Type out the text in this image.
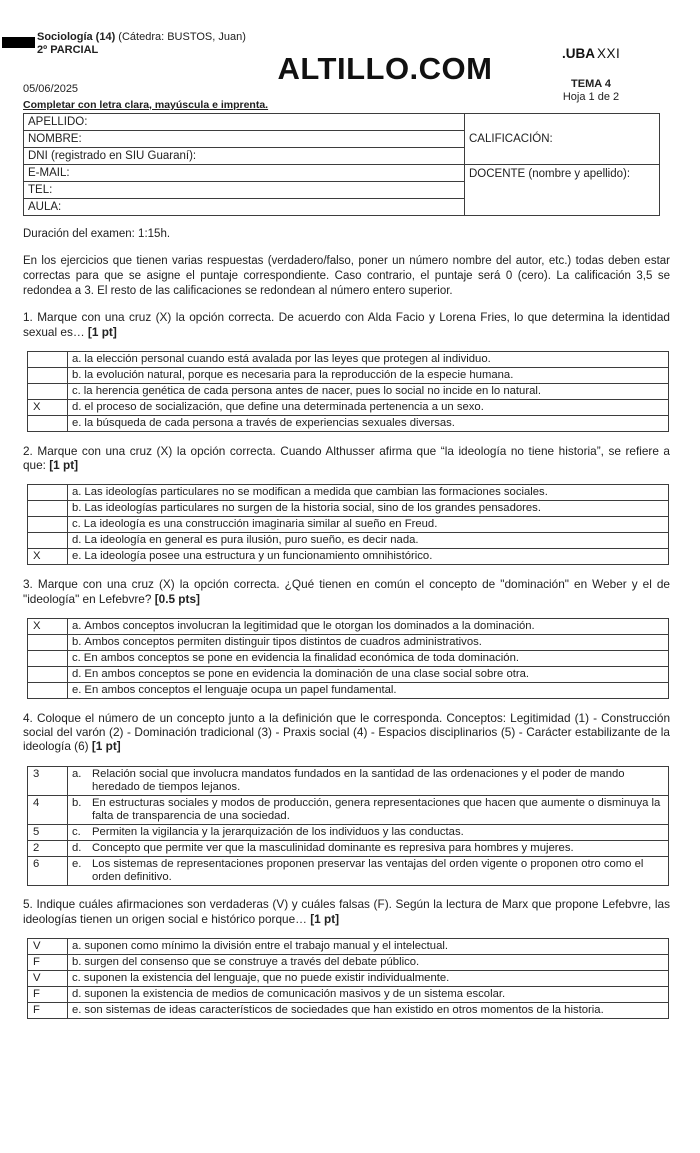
Sociología (14) (Cátedra: BUSTOS, Juan)
2º PARCIAL
ALTILLO.COM	.UBA XXI
05/06/2025	TEMA 4
Hoja 1 de 2
Completar con letra clara, mayúscula e imprenta.
APELLIDO:	CALIFICACIÓN:
NOMBRE:	
DNI (registrado en SIU Guaraní):	
E-MAIL:	DOCENTE (nombre y apellido):
TEL:	
AULA:	

Duración del examen: 1:15h.

En los ejercicios que tienen varias respuestas (verdadero/falso, poner un número nombre del autor, etc.) todas deben estar correctas para que se asigne el puntaje correspondiente. Caso contrario, el puntaje será 0 (cero). La calificación 3,5 se redondea a 3. El resto de las calificaciones se redondean al número entero superior.

1. Marque con una cruz (X) la opción correcta. De acuerdo con Alda Facio y Lorena Fries, lo que determina la identidad sexual es… [1 pt]

	a. la elección personal cuando está avalada por las leyes que protegen al individuo.
	b. la evolución natural, porque es necesaria para la reproducción de la especie humana.
	c. la herencia genética de cada persona antes de nacer, pues lo social no incide en lo natural.
X	d. el proceso de socialización, que define una determinada pertenencia a un sexo.
	e. la búsqueda de cada persona a través de experiencias sexuales diversas.

2. Marque con una cruz (X) la opción correcta. Cuando Althusser afirma que “la ideología no tiene historia”, se refiere a que: [1 pt]

	a. Las ideologías particulares no se modifican a medida que cambian las formaciones sociales.
	b. Las ideologías particulares no surgen de la historia social, sino de los grandes pensadores.
	c. La ideología es una construcción imaginaria similar al sueño en Freud.
	d. La ideología en general es pura ilusión, puro sueño, es decir nada.
X	e. La ideología posee una estructura y un funcionamiento omnihistórico.

3. Marque con una cruz (X) la opción correcta. ¿Qué tienen en común el concepto de "dominación" en Weber y el de "ideología" en Lefebvre? [0.5 pts]

X	a. Ambos conceptos involucran la legitimidad que le otorgan los dominados a la dominación.
	b. Ambos conceptos permiten distinguir tipos distintos de cuadros administrativos.
	c. En ambos conceptos se pone en evidencia la finalidad económica de toda dominación.
	d. En ambos conceptos se pone en evidencia la dominación de una clase social sobre otra.
	e. En ambos conceptos el lenguaje ocupa un papel fundamental.

4. Coloque el número de un concepto junto a la definición que le corresponda. Conceptos: Legitimidad (1) - Construcción social del varón (2) - Dominación tradicional (3) - Praxis social (4) - Espacios disciplinarios (5) - Carácter estabilizante de la ideología (6) [1 pt]

3	a. Relación social que involucra mandatos fundados en la santidad de las ordenaciones y el poder de mando heredado de tiempos lejanos.
4	b. En estructuras sociales y modos de producción, genera representaciones que hacen que aumente o disminuya la falta de transparencia de una sociedad.
5	c. Permiten la vigilancia y la jerarquización de los individuos y las conductas.
2	d. Concepto que permite ver que la masculinidad dominante es represiva para hombres y mujeres.
6	e. Los sistemas de representaciones proponen preservar las ventajas del orden vigente o proponen otro como el orden definitivo.

5. Indique cuáles afirmaciones son verdaderas (V) y cuáles falsas (F). Según la lectura de Marx que propone Lefebvre, las ideologías tienen un origen social e histórico porque… [1 pt]

V	a. suponen como mínimo la división entre el trabajo manual y el intelectual.
F	b. surgen del consenso que se construye a través del debate público.
V	c. suponen la existencia del lenguaje, que no puede existir individualmente.
F	d. suponen la existencia de medios de comunicación masivos y de un sistema escolar.
F	e. son sistemas de ideas característicos de sociedades que han existido en otros momentos de la historia.
